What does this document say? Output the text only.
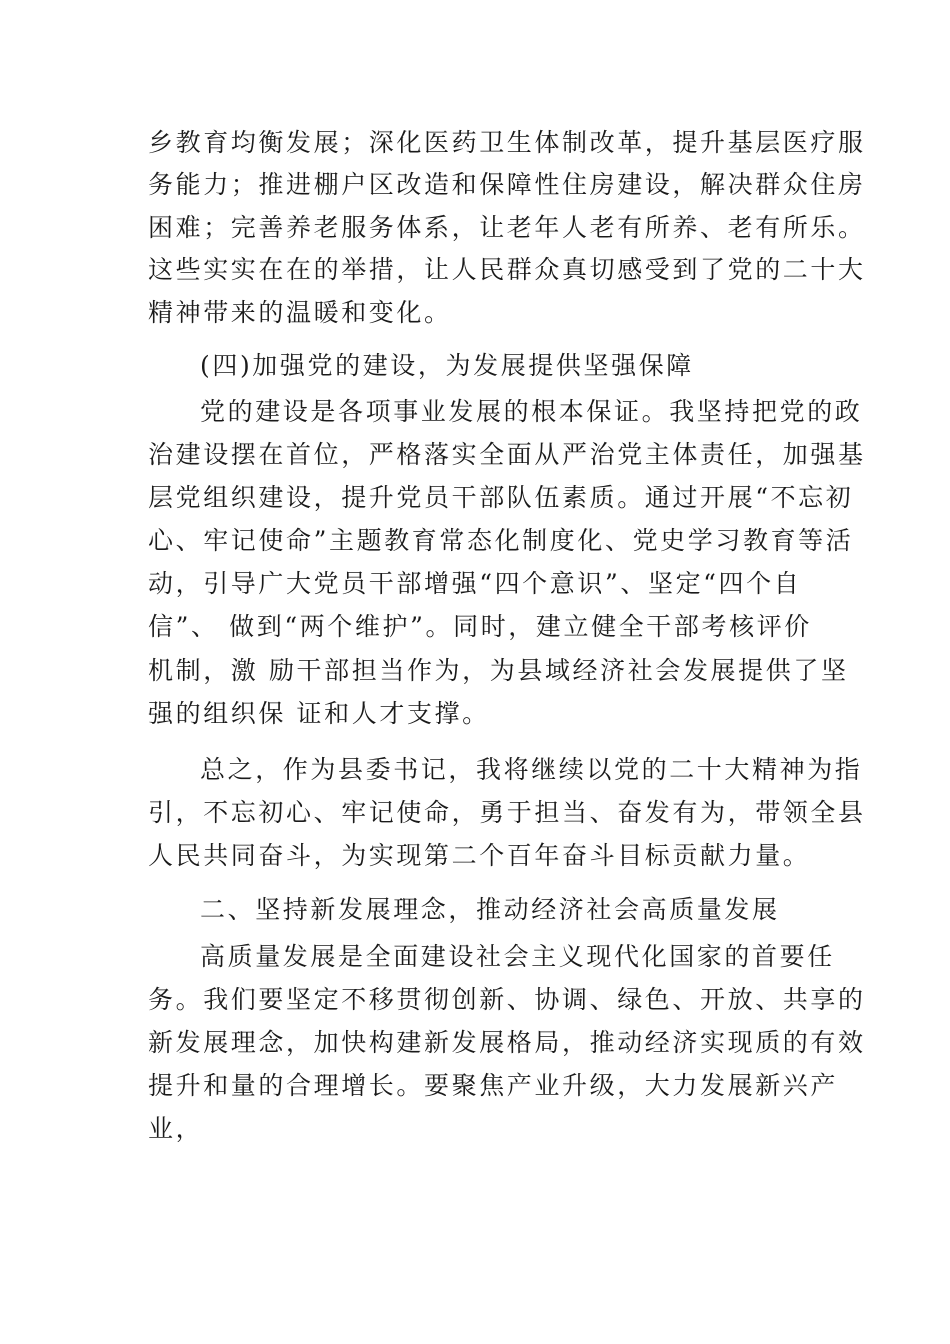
乡教育均衡发展；深化医药卫生体制改革，提升基层医疗服

务能力；推进棚户区改造和保障性住房建设，解决群众住房

困难；完善养老服务体系，让老年人老有所养、老有所乐。

这些实实在在的举措，让人民群众真切感受到了党的二十大

精神带来的温暖和变化。

(四)加强党的建设，为发展提供坚强保障

党的建设是各项事业发展的根本保证。我坚持把党的政

治建设摆在首位，严格落实全面从严治党主体责任，加强基

层党组织建设，提升党员干部队伍素质。通过开展“不忘初

心、牢记使命”主题教育常态化制度化、党史学习教育等活

动，引导广大党员干部增强“四个意识”、坚定“四个自

信”、 做到“两个维护”。同时，建立健全干部考核评价

机制，激 励干部担当作为，为县域经济社会发展提供了坚

强的组织保 证和人才支撑。

总之，作为县委书记，我将继续以党的二十大精神为指

引，不忘初心、牢记使命，勇于担当、奋发有为，带领全县

人民共同奋斗，为实现第二个百年奋斗目标贡献力量。

二、坚持新发展理念，推动经济社会高质量发展

高质量发展是全面建设社会主义现代化国家的首要任

务。我们要坚定不移贯彻创新、协调、绿色、开放、共享的

新发展理念，加快构建新发展格局，推动经济实现质的有效

提升和量的合理增长。要聚焦产业升级，大力发展新兴产

业，
